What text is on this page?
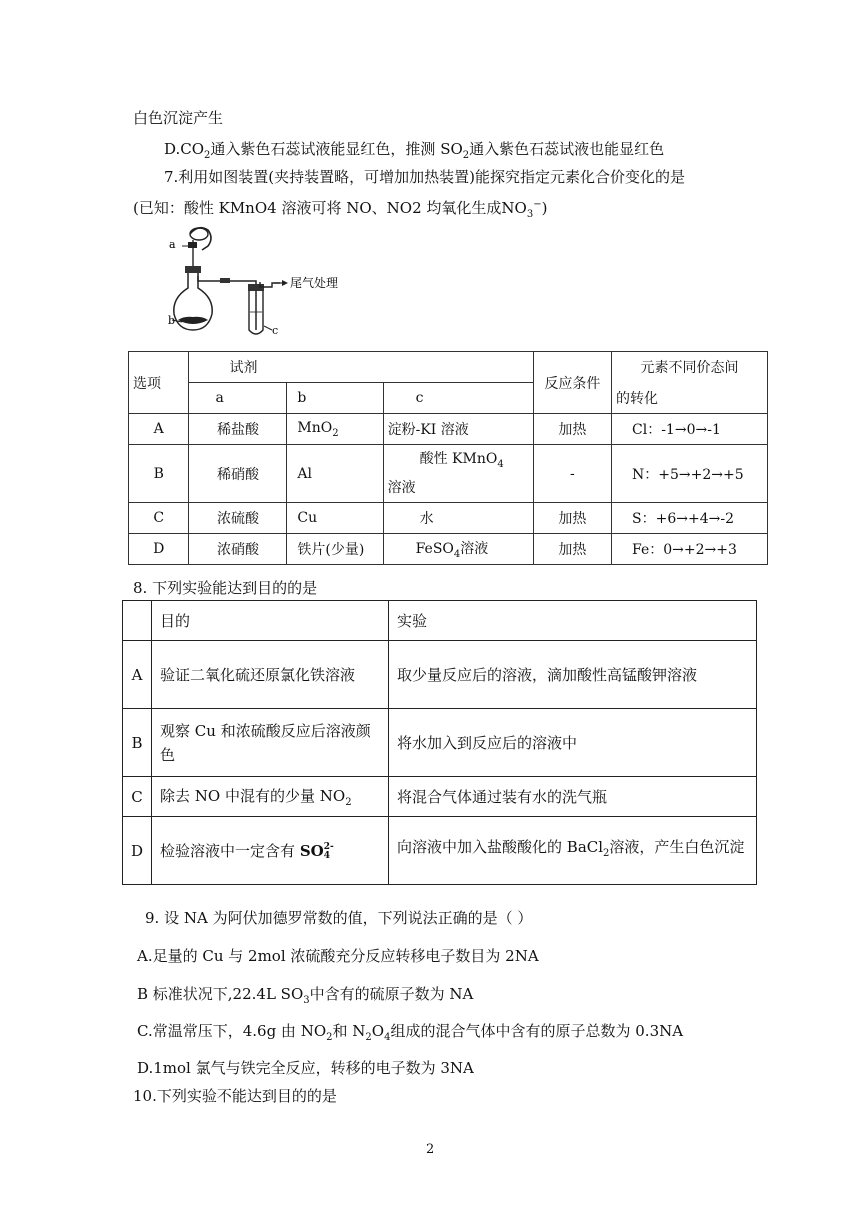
白色沉淀产生
$D.CO_2$通入紫色石蕊试液能显红色，推测 $SO_2$通入紫色石蕊试液也能显红色
7.利用如图装置(夹持装置略，可增加加热装置)能探究指定元素化合价变化的是
(已知：酸性 KMnO4 溶液可将 NO、NO2 均氧化生成$NO_3^-$)
a
b
c
尾气处理
选项	试剂			反应条件	元素不同价态间
	a	b	c		的转化
A	稀盐酸	MnO$_2$	淀粉-KI 溶液	加热	Cl：-1→0→-1
B	稀硝酸	Al	酸性 KMnO$_4$
溶液	-	N：+5→+2→+5
C	浓硫酸	Cu	水	加热	S：+6→+4→-2
D	浓硝酸	铁片(少量)	FeSO$_4$溶液	加热	Fe：0→+2→+3
8. 下列实验能达到目的的是
	目的	实验
A	验证二氧化硫还原氯化铁溶液	取少量反应后的溶液，滴加酸性高锰酸钾溶液
B	观察 Cu 和浓硫酸反应后溶液颜色	将水加入到反应后的溶液中
C	除去 NO 中混有的少量 $NO_2$	将混合气体通过装有水的洗气瓶
D	检验溶液中一定含有 SO 2-
4	向溶液中加入盐酸酸化的 BaCl$_2$溶液，产生白色沉淀
9. 设 NA 为阿伏加德罗常数的值，下列说法正确的是（ ）
A.足量的 Cu 与 2mol 浓硫酸充分反应转移电子数目为 2NA
B 标准状况下,22.4L $SO_3$中含有的硫原子数为 NA
C.常温常压下，4.6g 由 $NO_2$和 $N_2O_4$组成的混合气体中含有的原子总数为 0.3NA
D.1mol 氯气与铁完全反应，转移的电子数为 3NA
10.下列实验不能达到目的的是
2
